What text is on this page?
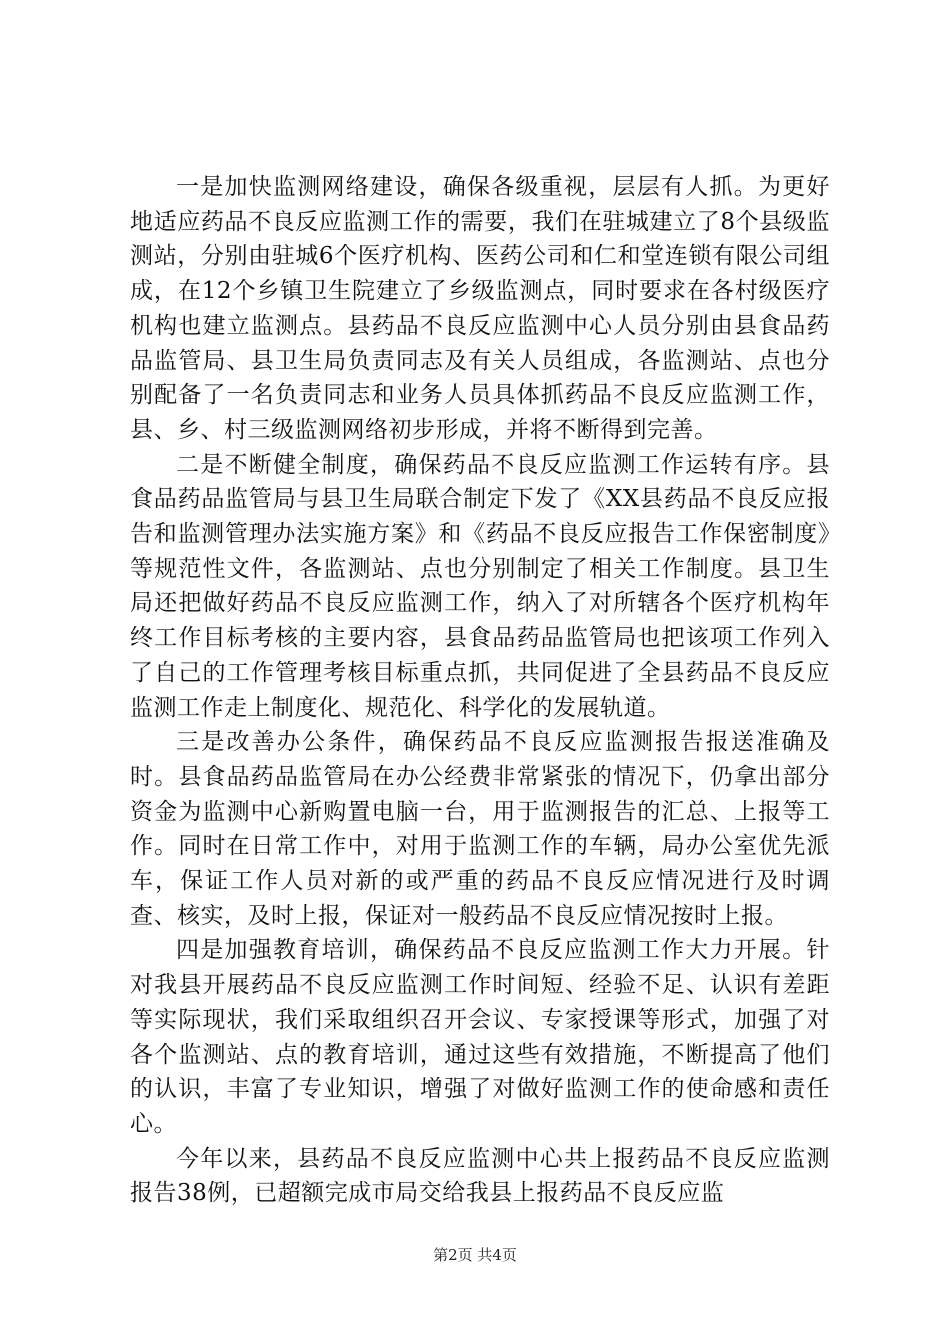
一是加快监测网络建设，确保各级重视，层层有人抓。为更好地适应药品不良反应监测工作的需要，我们在驻城建立了8个县级监测站，分别由驻城6个医疗机构、医药公司和仁和堂连锁有限公司组成，在12个乡镇卫生院建立了乡级监测点，同时要求在各村级医疗机构也建立监测点。县药品不良反应监测中心人员分别由县食品药品监管局、县卫生局负责同志及有关人员组成，各监测站、点也分别配备了一名负责同志和业务人员具体抓药品不良反应监测工作，县、乡、村三级监测网络初步形成，并将不断得到完善。

二是不断健全制度，确保药品不良反应监测工作运转有序。县食品药品监管局与县卫生局联合制定下发了《XX县药品不良反应报告和监测管理办法实施方案》和《药品不良反应报告工作保密制度》等规范性文件，各监测站、点也分别制定了相关工作制度。县卫生局还把做好药品不良反应监测工作，纳入了对所辖各个医疗机构年终工作目标考核的主要内容，县食品药品监管局也把该项工作列入了自己的工作管理考核目标重点抓，共同促进了全县药品不良反应监测工作走上制度化、规范化、科学化的发展轨道。

三是改善办公条件，确保药品不良反应监测报告报送准确及时。县食品药品监管局在办公经费非常紧张的情况下，仍拿出部分资金为监测中心新购置电脑一台，用于监测报告的汇总、上报等工作。同时在日常工作中，对用于监测工作的车辆，局办公室优先派车，保证工作人员对新的或严重的药品不良反应情况进行及时调查、核实，及时上报，保证对一般药品不良反应情况按时上报。

四是加强教育培训，确保药品不良反应监测工作大力开展。针对我县开展药品不良反应监测工作时间短、经验不足、认识有差距等实际现状，我们采取组织召开会议、专家授课等形式，加强了对各个监测站、点的教育培训，通过这些有效措施，不断提高了他们的认识，丰富了专业知识，增强了对做好监测工作的使命感和责任心。

今年以来，县药品不良反应监测中心共上报药品不良反应监测报告38例，已超额完成市局交给我县上报药品不良反应监

第2页 共4页
